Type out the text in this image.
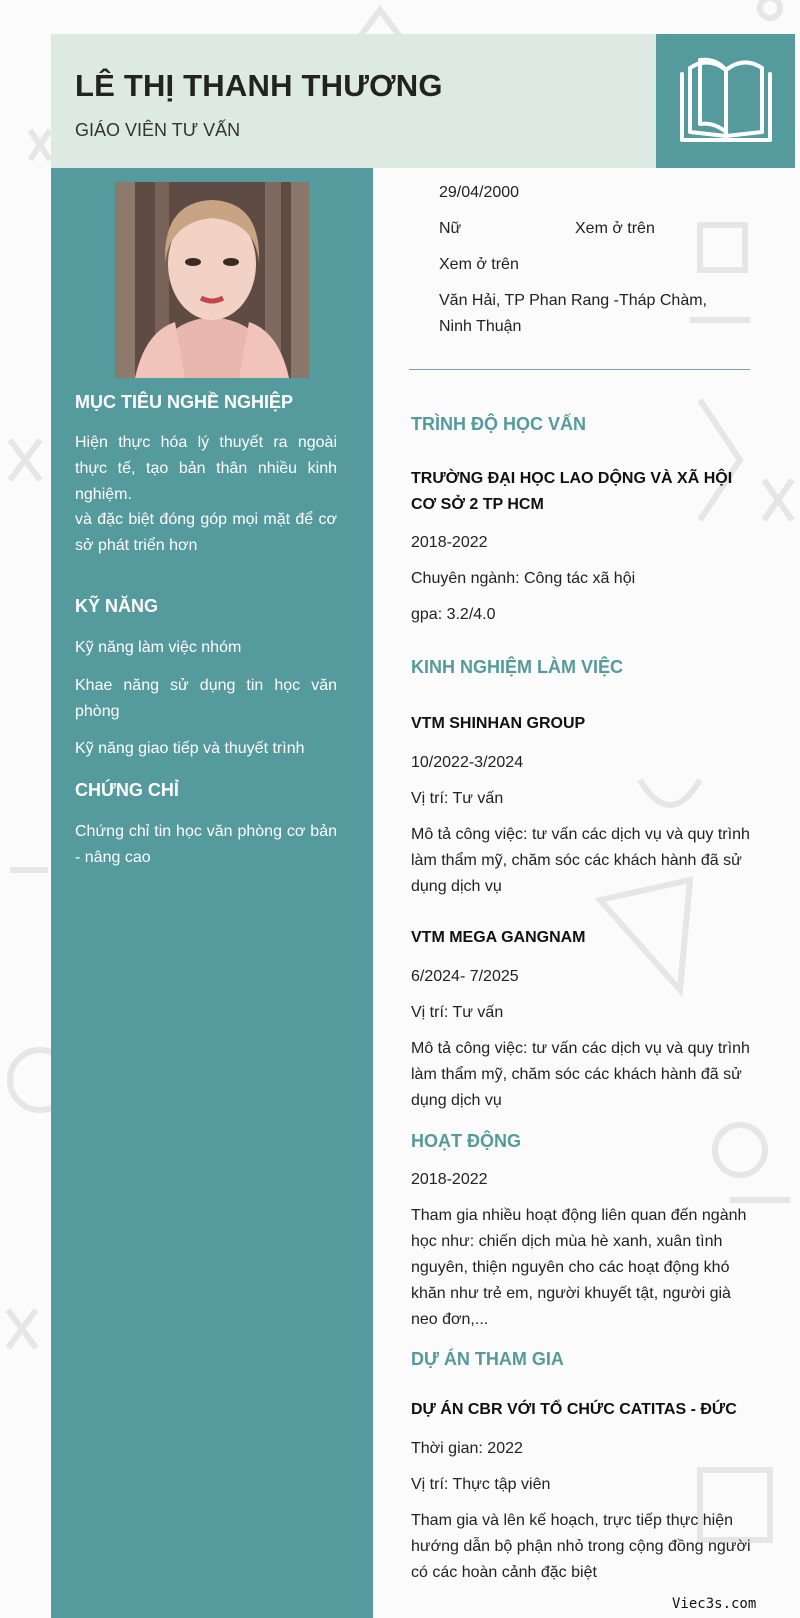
LÊ THỊ THANH THƯƠNG
GIÁO VIÊN TƯ VẤN
MỤC TIÊU NGHỀ NGHIỆP
Hiện thực hóa lý thuyết ra ngoài thực tế, tạo bản thân nhiều kinh nghiệm.
và đặc biệt đóng góp mọi mặt để cơ sở phát triển hơn
KỸ NĂNG
Kỹ năng làm việc nhóm
Khae năng sử dụng tin học văn phòng
Kỹ năng giao tiếp và thuyết trình
CHỨNG CHỈ
Chứng chỉ tin học văn phòng cơ bản - nâng cao
29/04/2000
Nữ	Xem ở trên
Xem ở trên
Văn Hải, TP Phan Rang -Tháp Chàm, Ninh Thuận
TRÌNH ĐỘ HỌC VẤN
TRƯỜNG ĐẠI HỌC LAO DỘNG VÀ XÃ HỘI CƠ SỞ 2 TP HCM
2018-2022
Chuyên ngành: Công tác xã hội
gpa: 3.2/4.0
KINH NGHIỆM LÀM VIỆC
VTM SHINHAN GROUP
10/2022-3/2024
Vị trí: Tư vấn
Mô tả công việc: tư vấn các dịch vụ và quy trình làm thẩm mỹ, chăm sóc các khách hành đã sử dụng dịch vụ
VTM MEGA GANGNAM
6/2024- 7/2025
Vị trí: Tư vấn
Mô tả công việc: tư vấn các dịch vụ và quy trình làm thẩm mỹ, chăm sóc các khách hành đã sử dụng dịch vụ
HOẠT ĐỘNG
2018-2022
Tham gia nhiều hoạt động liên quan đến ngành học như: chiến dịch mùa hè xanh, xuân tình nguyên, thiện nguyên cho các hoạt động khó khăn như trẻ em, người khuyết tật, người già neo đơn,...
DỰ ÁN THAM GIA
DỰ ÁN CBR VỚI TỔ CHỨC CATITAS - ĐỨC
Thời gian: 2022
Vị trí: Thực tập viên
Tham gia và lên kế hoạch, trực tiếp thực hiện hướng dẫn bộ phận nhỏ trong cộng đồng người có các hoàn cảnh đặc biệt
Viec3s.com
